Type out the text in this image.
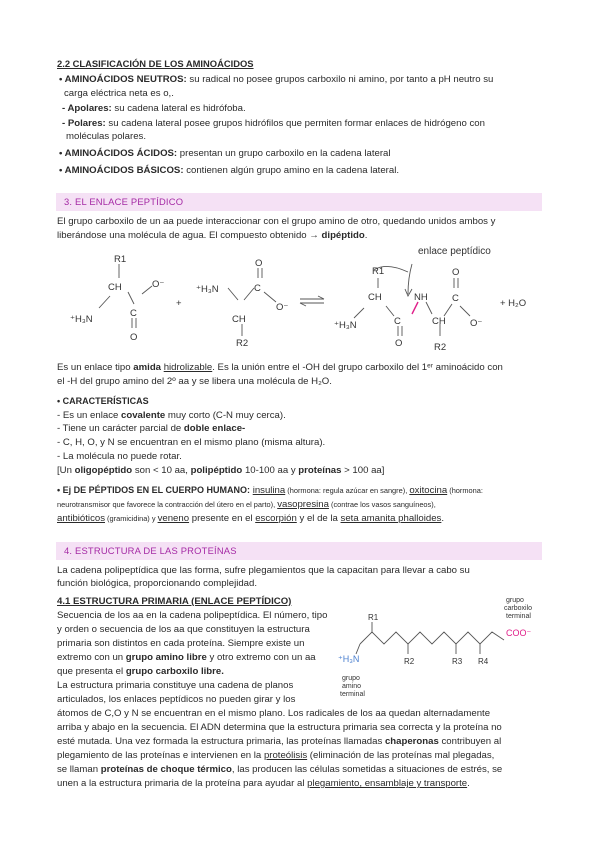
2.2 CLASIFICACIÓN DE LOS AMINOÁCIDOS
• AMINOÁCIDOS NEUTROS: su radical no posee grupos carboxilo ni amino, por tanto a pH neutro su
carga eléctrica neta es o,.
- Apolares: su cadena lateral es hidrófoba.
- Polares: su cadena lateral posee grupos hidrófilos que permiten formar enlaces de hidrógeno con
moléculas polares.
• AMINOÁCIDOS ÁCIDOS: presentan un grupo carboxilo en la cadena lateral
• AMINOÁCIDOS BÁSICOS: contienen algún grupo amino en la cadena lateral.
3. EL ENLACE PEPTÍDICO
El grupo carboxilo de un aa puede interaccionar con el grupo amino de otro, quedando unidos ambos y
liberándose una molécula de agua. El compuesto obtenido → dipéptido.
R1
CH	O⁻
⁺H₃N
C
O
+
⁺H₃N
O
C
O⁻
CH
R2
enlace peptídico
R1
CH
⁺H₃N	C
O
NH
CH
O
C
O⁻
R2
+ H₂O
Es un enlace tipo amida hidrolizable. Es la unión entre el -OH del grupo carboxilo del 1ᵉʳ aminoácido con
el -H del grupo amino del 2º aa y se libera una molécula de H₂O.
• CARACTERÍSTICAS
- Es un enlace covalente muy corto (C-N muy cerca).
- Tiene un carácter parcial de doble enlace-
- C, H, O, y N se encuentran en el mismo plano (misma altura).
- La molécula no puede rotar.
[Un oligopéptido son < 10 aa, polipéptido 10-100 aa y proteínas > 100 aa]
• Ej DE PÉPTIDOS EN EL CUERPO HUMANO: insulina (hormona: regula azúcar en sangre), oxitocina (hormona:
neurotransmisor que favorece la contracción del útero en el parto), vasopresina (contrae los vasos sanguíneos),
antibióticos (gramicidina) y veneno presente en el escorpión y el de la seta amanita phalloides.
4. ESTRUCTURA DE LAS PROTEÍNAS
La cadena polipeptídica que las forma, sufre plegamientos que la capacitan para llevar a cabo su
función biológica, proporcionando complejidad.
4.1 ESTRUCTURA PRIMARIA (ENLACE PEPTÍDICO)
Secuencia de los aa en la cadena polipeptídica. El número, tipo
y orden o secuencia de los aa que constituyen la estructura
primaria son distintos en cada proteína. Siempre existe un
extremo con un grupo amino libre y otro extremo con un aa
que presenta el grupo carboxilo libre.
La estructura primaria constituye una cadena de planos
articulados, los enlaces peptídicos no pueden girar y los
átomos de C,O y N se encuentran en el mismo plano. Los radicales de los aa quedan alternadamente
arriba y abajo en la secuencia. El ADN determina que la estructura primaria sea correcta y la proteína no
esté mutada. Una vez formada la estructura primaria, las proteínas llamadas chaperonas contribuyen al
plegamiento de las proteínas e intervienen en la proteólisis (eliminación de las proteínas mal plegadas,
se llaman proteínas de choque térmico, las producen las células sometidas a situaciones de estrés, se
unen a la estructura primaria de la proteína para ayudar al plegamiento, ensamblaje y transporte.
grupo
carboxilo
terminal
COO⁻
⁺H₃N
grupo
amino
terminal
R1
R2	R3 R4
